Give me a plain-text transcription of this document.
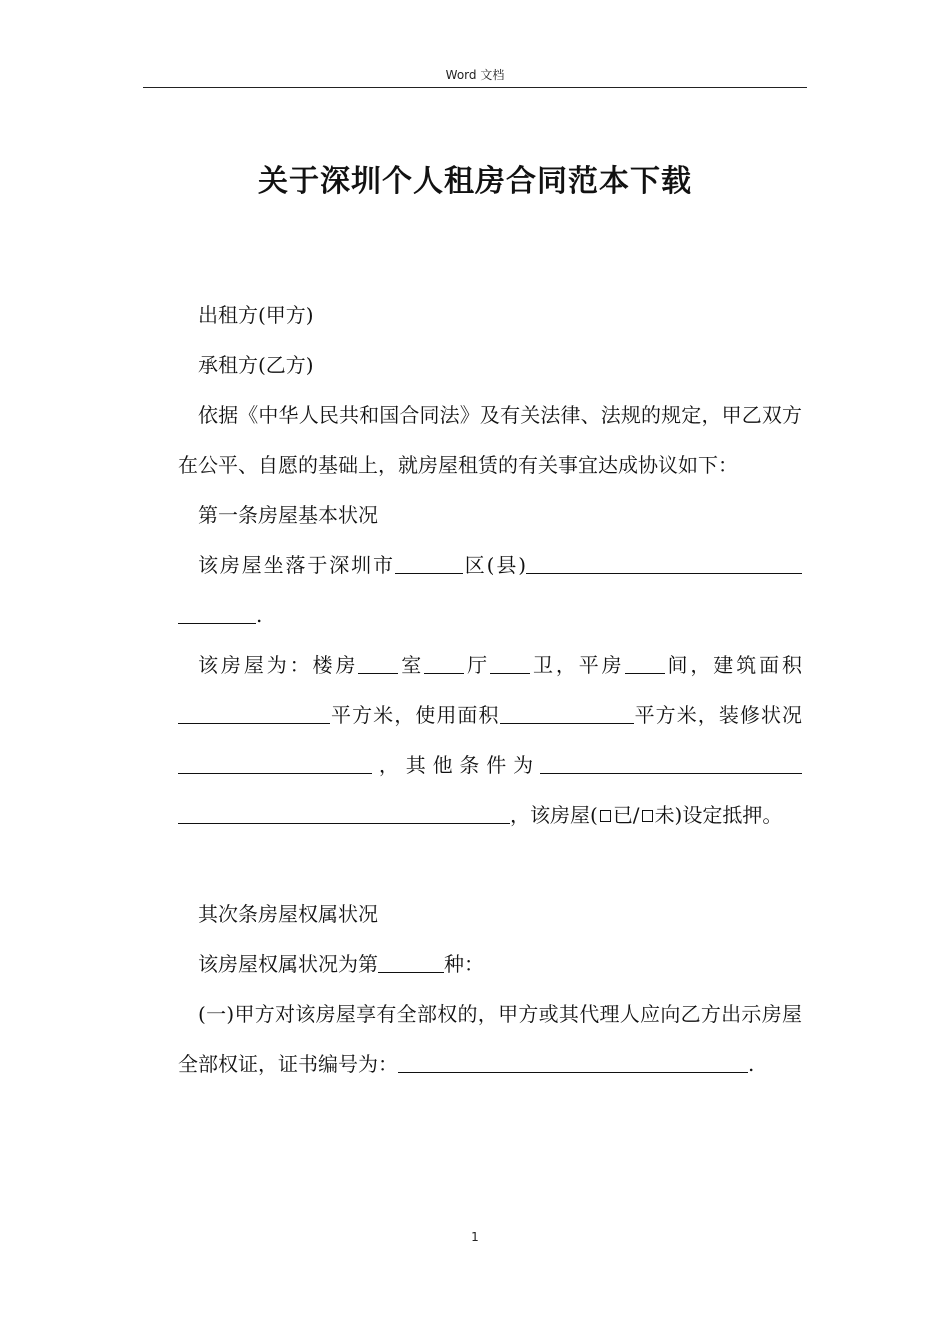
Word 文档
关于深圳个人租房合同范本下载

出租方(甲方)

承租方(乙方)

依据《中华人民共和国合同法》及有关法律、法规的规定，甲乙双方在公平、自愿的基础上，就房屋租赁的有关事宜达成协议如下：

第一条房屋基本状况

该房屋坐落于深圳市	区(县).

该房屋为：楼房 室 厅 卫，平房 间，建筑面积平方米，使用面积	平方米，装修状况，其他条件为，该房屋( 已/ 未)设定抵押。

其次条房屋权属状况

该房屋权属状况为第	种：

(一)甲方对该房屋享有全部权的，甲方或其代理人应向乙方出示房屋全部权证，证书编号为：	.

1
